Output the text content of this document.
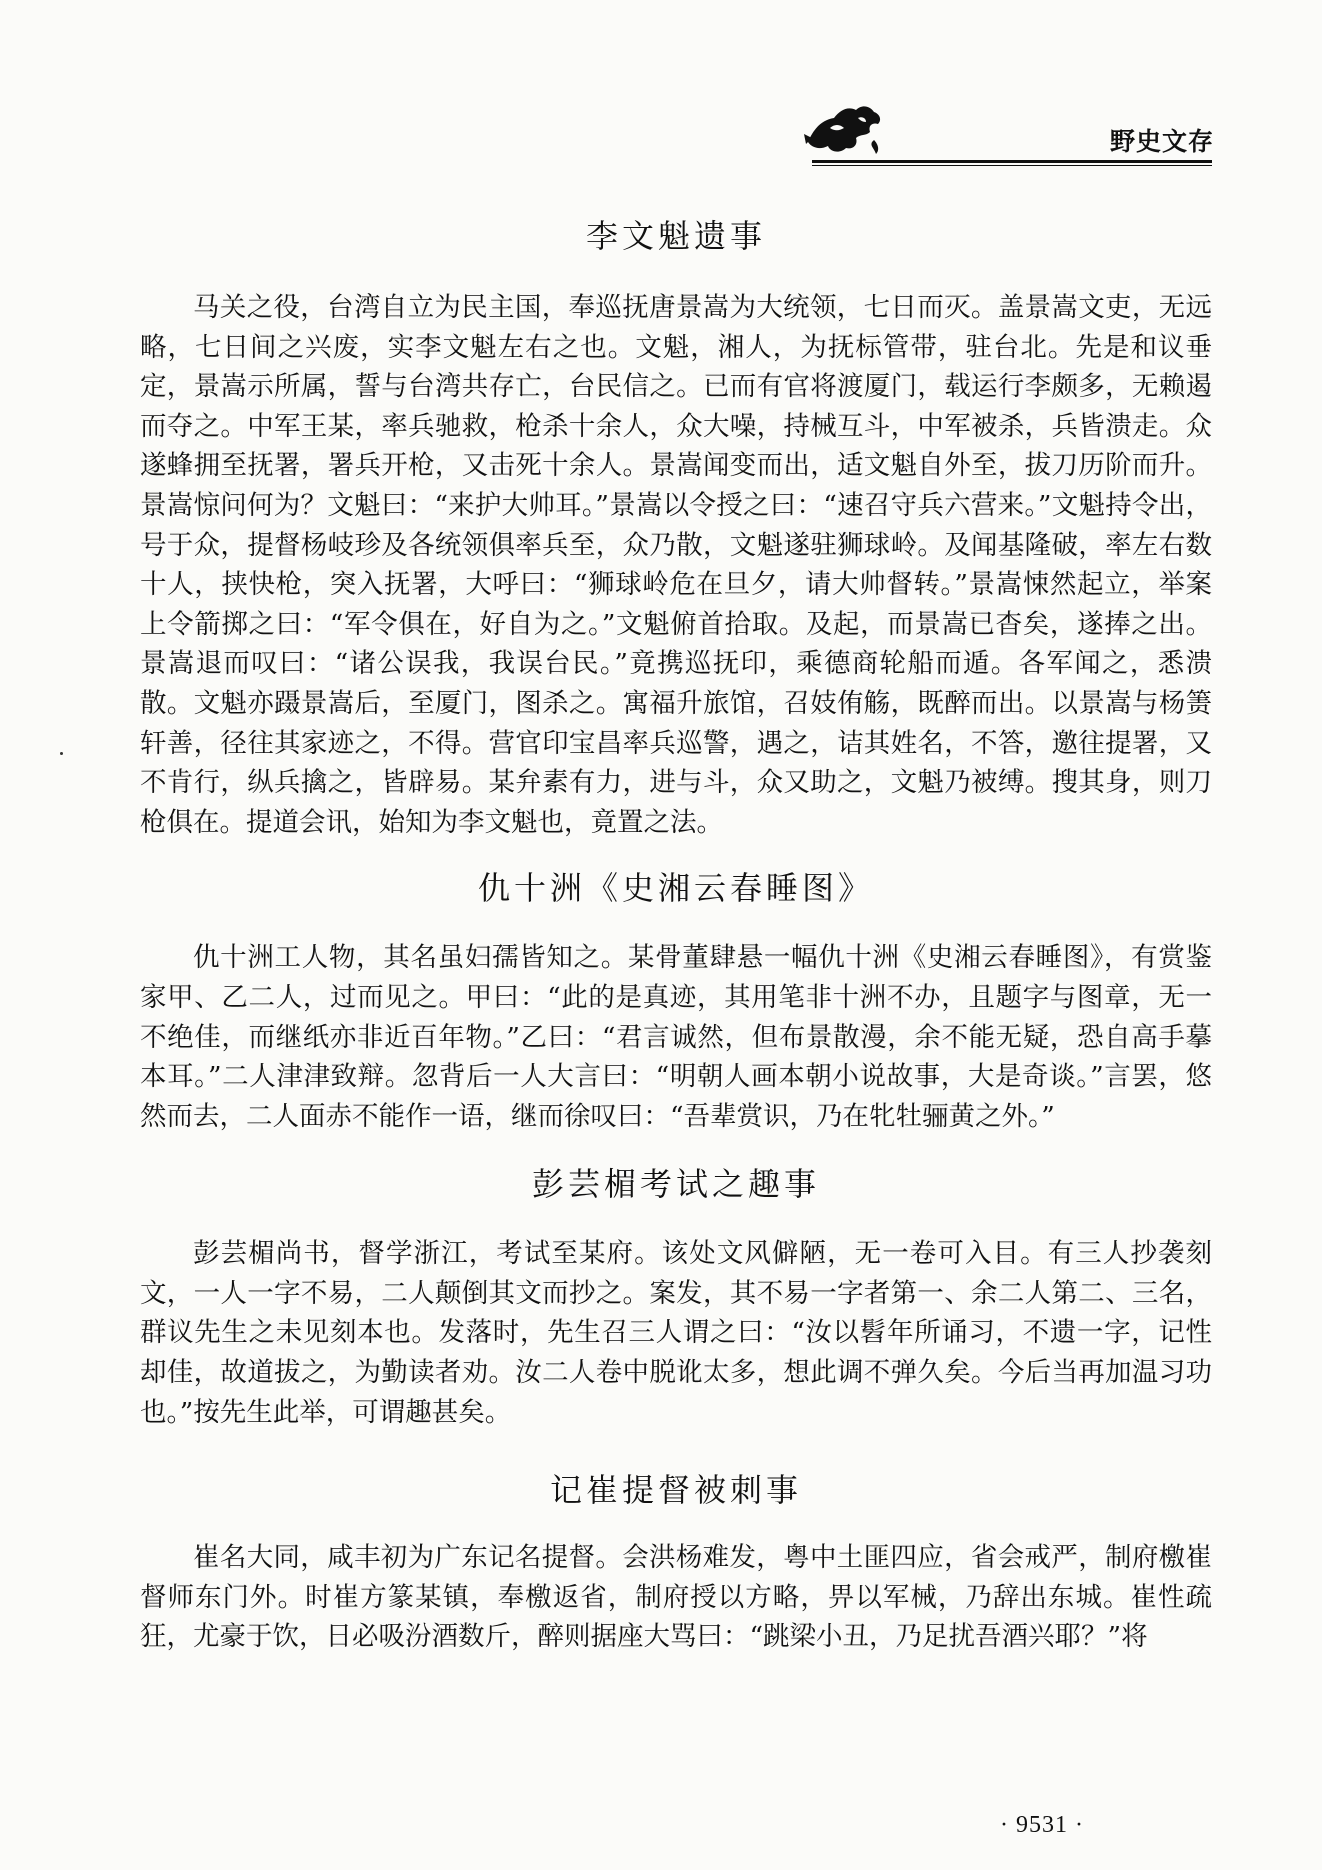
野史文存
李文魁遗事

马关之役，台湾自立为民主国，奉巡抚唐景嵩为大统领，七日而灭。盖景嵩文吏，无远略，七日间之兴废，实李文魁左右之也。文魁，湘人，为抚标管带，驻台北。先是和议垂定，景嵩示所属，誓与台湾共存亡，台民信之。已而有官将渡厦门，载运行李颇多，无赖遏而夺之。中军王某，率兵驰救，枪杀十余人，众大噪，持械互斗，中军被杀，兵皆溃走。众遂蜂拥至抚署，署兵开枪，又击死十余人。景嵩闻变而出，适文魁自外至，拔刀历阶而升。景嵩惊问何为？文魁曰：“来护大帅耳。”景嵩以令授之曰：“速召守兵六营来。”文魁持令出，号于众，提督杨岐珍及各统领俱率兵至，众乃散，文魁遂驻狮球岭。及闻基隆破，率左右数十人，挟快枪，突入抚署，大呼曰：“狮球岭危在旦夕，请大帅督转。”景嵩悚然起立，举案上令箭掷之曰：“军令俱在，好自为之。”文魁俯首拾取。及起，而景嵩已杳矣，遂捧之出。景嵩退而叹曰：“诸公误我，我误台民。”竟携巡抚印，乘德商轮船而遁。各军闻之，悉溃散。文魁亦蹑景嵩后，至厦门，图杀之。寓福升旅馆，召妓侑觞，既醉而出。以景嵩与杨箦轩善，径往其家迹之，不得。营官印宝昌率兵巡警，遇之，诘其姓名，不答，邀往提署，又不肯行，纵兵擒之，皆辟易。某弁素有力，进与斗，众又助之，文魁乃被缚。搜其身，则刀枪俱在。提道会讯，始知为李文魁也，竟置之法。

仇十洲《史湘云春睡图》

仇十洲工人物，其名虽妇孺皆知之。某骨董肆悬一幅仇十洲《史湘云春睡图》，有赏鉴家甲、乙二人，过而见之。甲曰：“此的是真迹，其用笔非十洲不办，且题字与图章，无一不绝佳，而继纸亦非近百年物。”乙曰：“君言诚然，但布景散漫，余不能无疑，恐自高手摹本耳。”二人津津致辩。忽背后一人大言曰：“明朝人画本朝小说故事，大是奇谈。”言罢，悠然而去，二人面赤不能作一语，继而徐叹曰：“吾辈赏识，乃在牝牡骊黄之外。”

彭芸楣考试之趣事

彭芸楣尚书，督学浙江，考试至某府。该处文风僻陋，无一卷可入目。有三人抄袭刻文，一人一字不易，二人颠倒其文而抄之。案发，其不易一字者第一、余二人第二、三名，群议先生之未见刻本也。发落时，先生召三人谓之曰：“汝以髫年所诵习，不遗一字，记性却佳，故道拔之，为勤读者劝。汝二人卷中脱讹太多，想此调不弹久矣。今后当再加温习功也。”按先生此举，可谓趣甚矣。

记崔提督被刺事

崔名大同，咸丰初为广东记名提督。会洪杨难发，粤中土匪四应，省会戒严，制府檄崔督师东门外。时崔方篆某镇，奉檄返省，制府授以方略，畀以军械，乃辞出东城。崔性疏狂，尤豪于饮，日必吸汾酒数斤，醉则据座大骂曰：“跳梁小丑，乃足扰吾酒兴耶？”将

· 9531 ·
